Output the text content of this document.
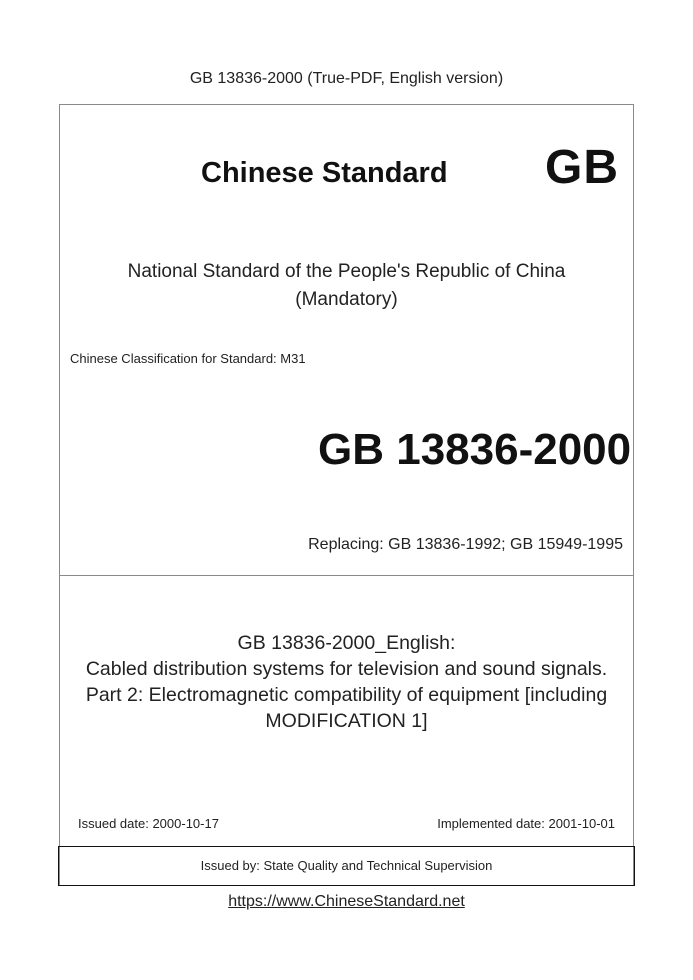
GB 13836-2000 (True-PDF, English version)
Chinese Standard GB
National Standard of the People's Republic of China
(Mandatory)
Chinese Classification for Standard: M31
GB 13836-2000
Replacing: GB 13836-1992; GB 15949-1995
GB 13836-2000_English:
Cabled distribution systems for television and sound signals.
Part 2: Electromagnetic compatibility of equipment [including
MODIFICATION 1]
Issued date: 2000-10-17	Implemented date: 2001-10-01
Issued by: State Quality and Technical Supervision
https://www.ChineseStandard.net
